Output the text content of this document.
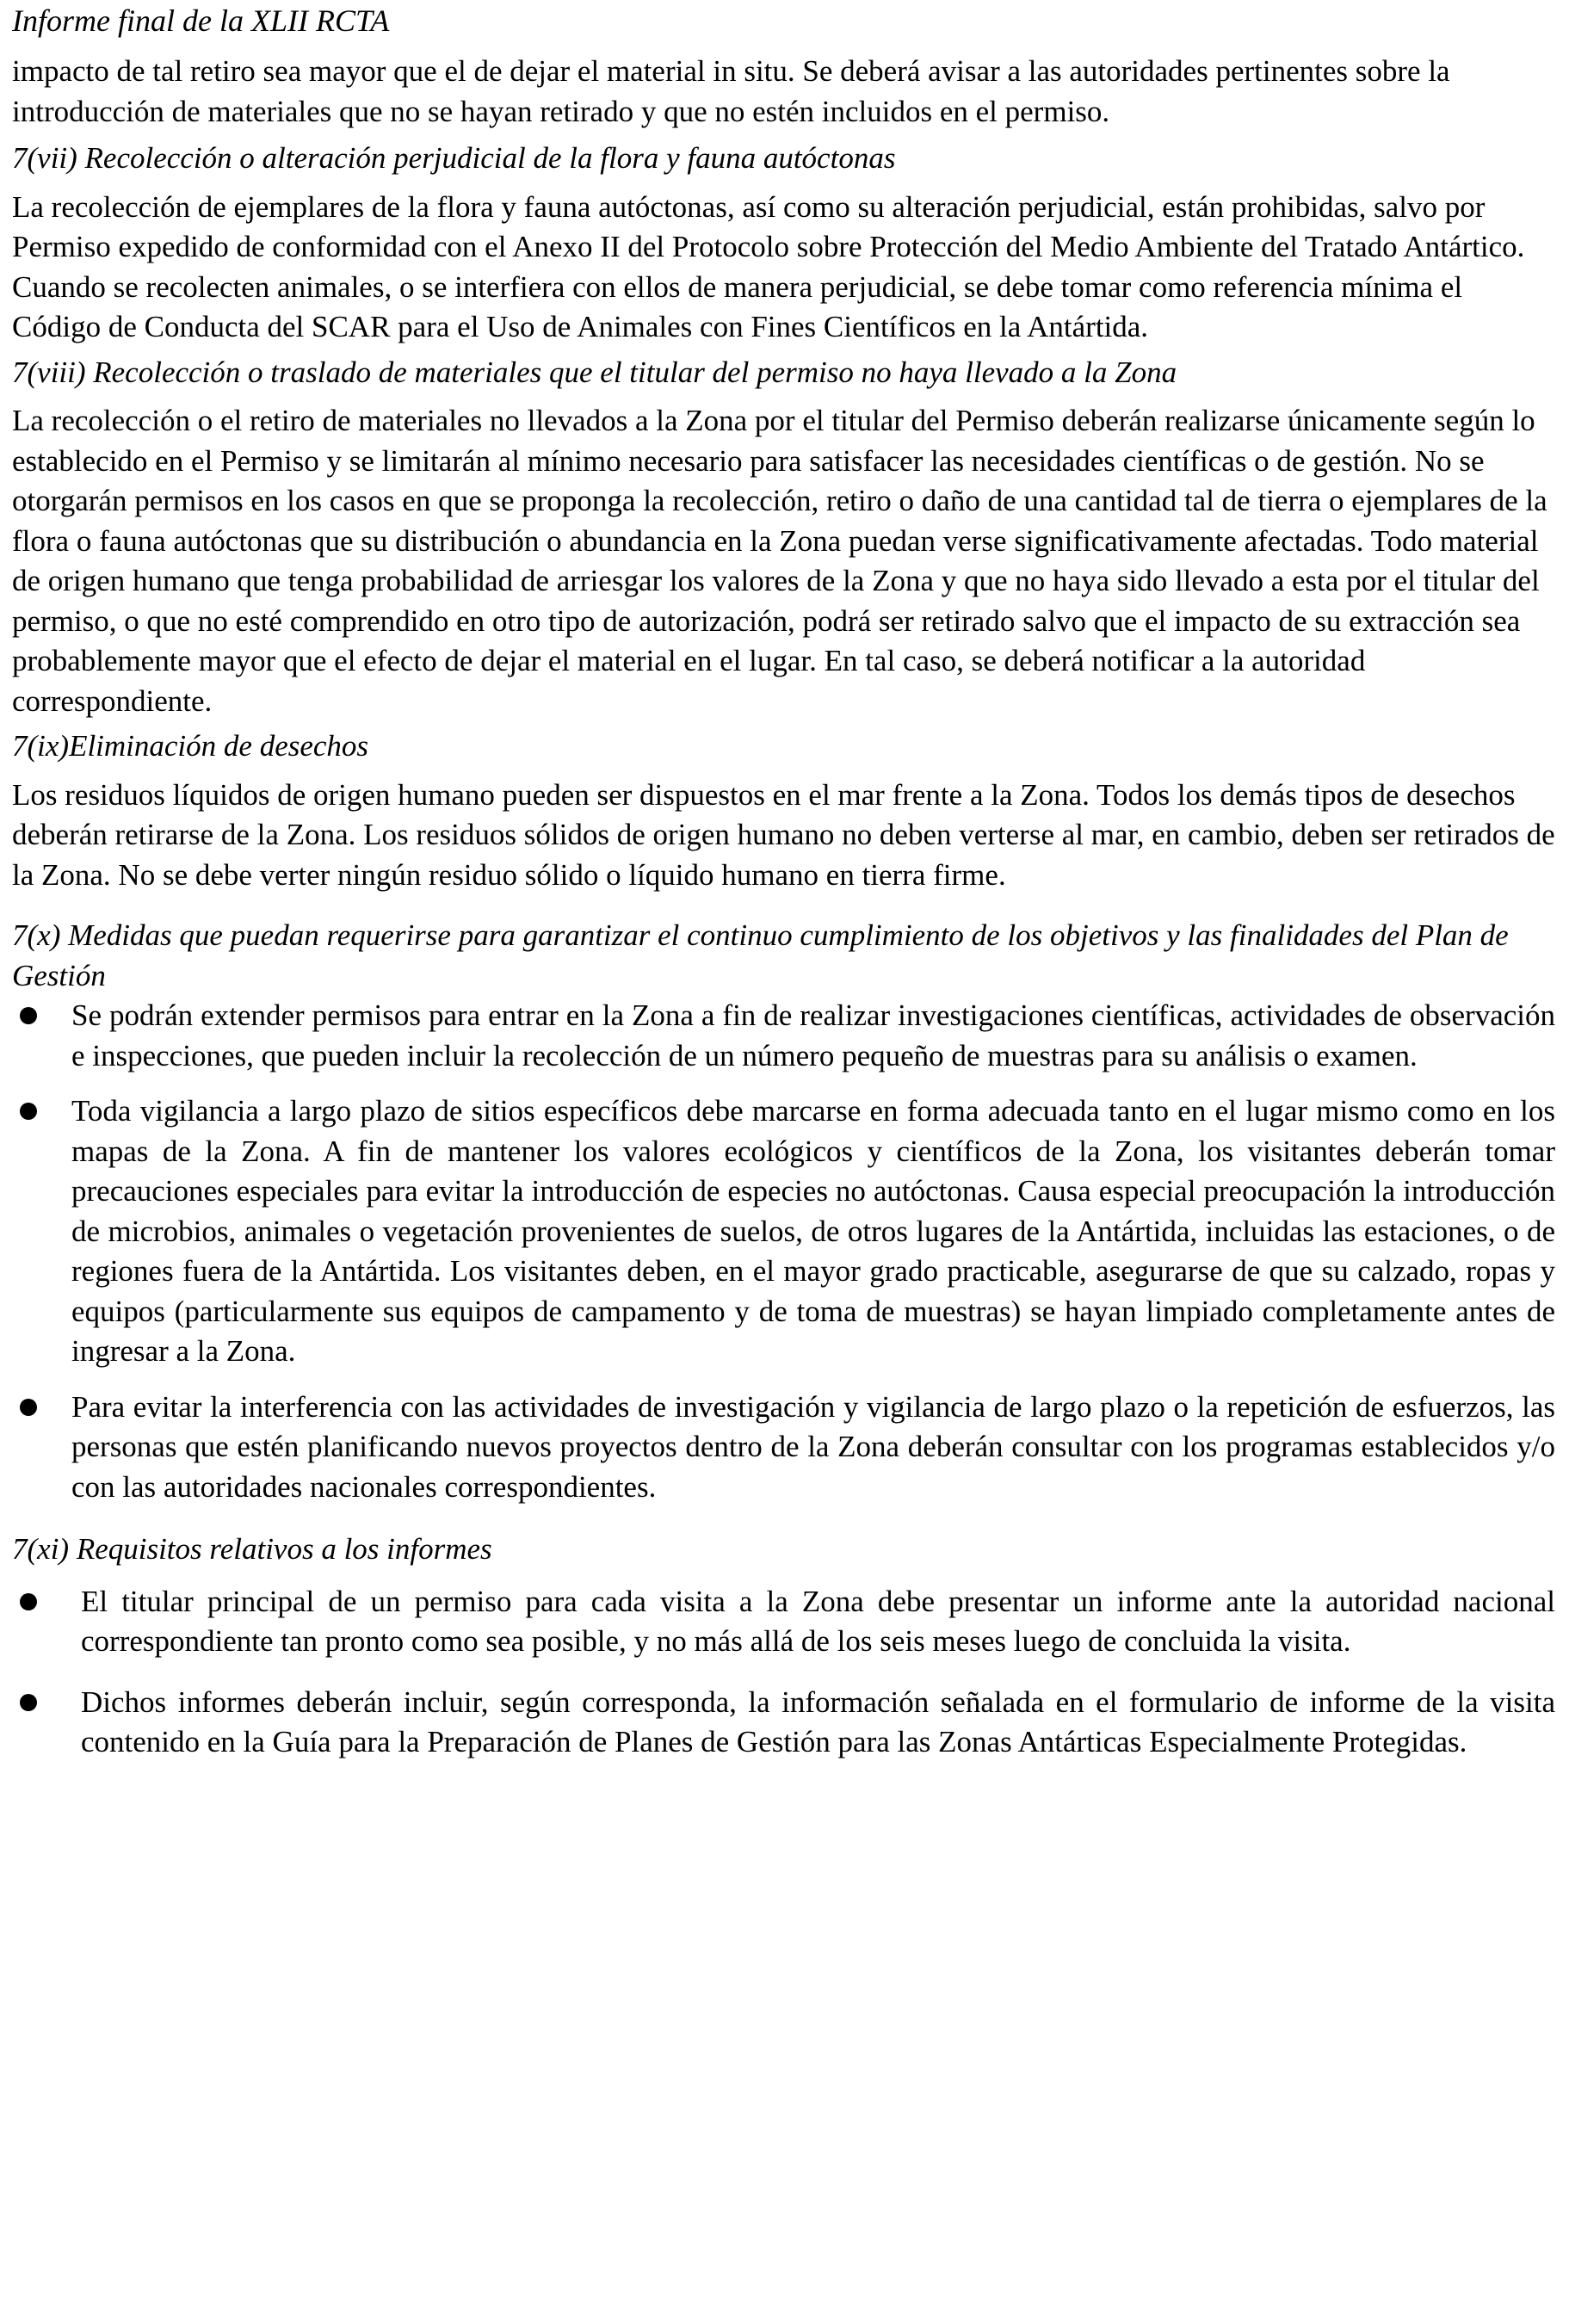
Informe final de la XLII RCTA

impacto de tal retiro sea mayor que el de dejar el material in situ. Se deberá avisar a las autoridades pertinentes sobre la introducción de materiales que no se hayan retirado y que no estén incluidos en el permiso.

7(vii) Recolección o alteración perjudicial de la flora y fauna autóctonas

La recolección de ejemplares de la flora y fauna autóctonas, así como su alteración perjudicial, están prohibidas, salvo por Permiso expedido de conformidad con el Anexo II del Protocolo sobre Protección del Medio Ambiente del Tratado Antártico. Cuando se recolecten animales, o se interfiera con ellos de manera perjudicial, se debe tomar como referencia mínima el Código de Conducta del SCAR para el Uso de Animales con Fines Científicos en la Antártida.

7(viii) Recolección o traslado de materiales que el titular del permiso no haya llevado a la Zona

La recolección o el retiro de materiales no llevados a la Zona por el titular del Permiso deberán realizarse únicamente según lo establecido en el Permiso y se limitarán al mínimo necesario para satisfacer las necesidades científicas o de gestión. No se otorgarán permisos en los casos en que se proponga la recolección, retiro o daño de una cantidad tal de tierra o ejemplares de la flora o fauna autóctonas que su distribución o abundancia en la Zona puedan verse significativamente afectadas. Todo material de origen humano que tenga probabilidad de arriesgar los valores de la Zona y que no haya sido llevado a esta por el titular del permiso, o que no esté comprendido en otro tipo de autorización, podrá ser retirado salvo que el impacto de su extracción sea probablemente mayor que el efecto de dejar el material en el lugar. En tal caso, se deberá notificar a la autoridad correspondiente.

7(ix)Eliminación de desechos

Los residuos líquidos de origen humano pueden ser dispuestos en el mar frente a la Zona. Todos los demás tipos de desechos deberán retirarse de la Zona. Los residuos sólidos de origen humano no deben verterse al mar, en cambio, deben ser retirados de la Zona. No se debe verter ningún residuo sólido o líquido humano en tierra firme.

7(x) Medidas que puedan requerirse para garantizar el continuo cumplimiento de los objetivos y las finalidades del Plan de Gestión

Se podrán extender permisos para entrar en la Zona a fin de realizar investigaciones científicas, actividades de observación e inspecciones, que pueden incluir la recolección de un número pequeño de muestras para su análisis o examen.
Toda vigilancia a largo plazo de sitios específicos debe marcarse en forma adecuada tanto en el lugar mismo como en los mapas de la Zona. A fin de mantener los valores ecológicos y científicos de la Zona, los visitantes deberán tomar precauciones especiales para evitar la introducción de especies no autóctonas. Causa especial preocupación la introducción de microbios, animales o vegetación provenientes de suelos, de otros lugares de la Antártida, incluidas las estaciones, o de regiones fuera de la Antártida. Los visitantes deben, en el mayor grado practicable, asegurarse de que su calzado, ropas y equipos (particularmente sus equipos de campamento y de toma de muestras) se hayan limpiado completamente antes de ingresar a la Zona.
Para evitar la interferencia con las actividades de investigación y vigilancia de largo plazo o la repetición de esfuerzos, las personas que estén planificando nuevos proyectos dentro de la Zona deberán consultar con los programas establecidos y/o con las autoridades nacionales correspondientes.

7(xi) Requisitos relativos a los informes

El titular principal de un permiso para cada visita a la Zona debe presentar un informe ante la autoridad nacional correspondiente tan pronto como sea posible, y no más allá de los seis meses luego de concluida la visita.
Dichos informes deberán incluir, según corresponda, la información señalada en el formulario de informe de la visita contenido en la Guía para la Preparación de Planes de Gestión para las Zonas Antárticas Especialmente Protegidas.
